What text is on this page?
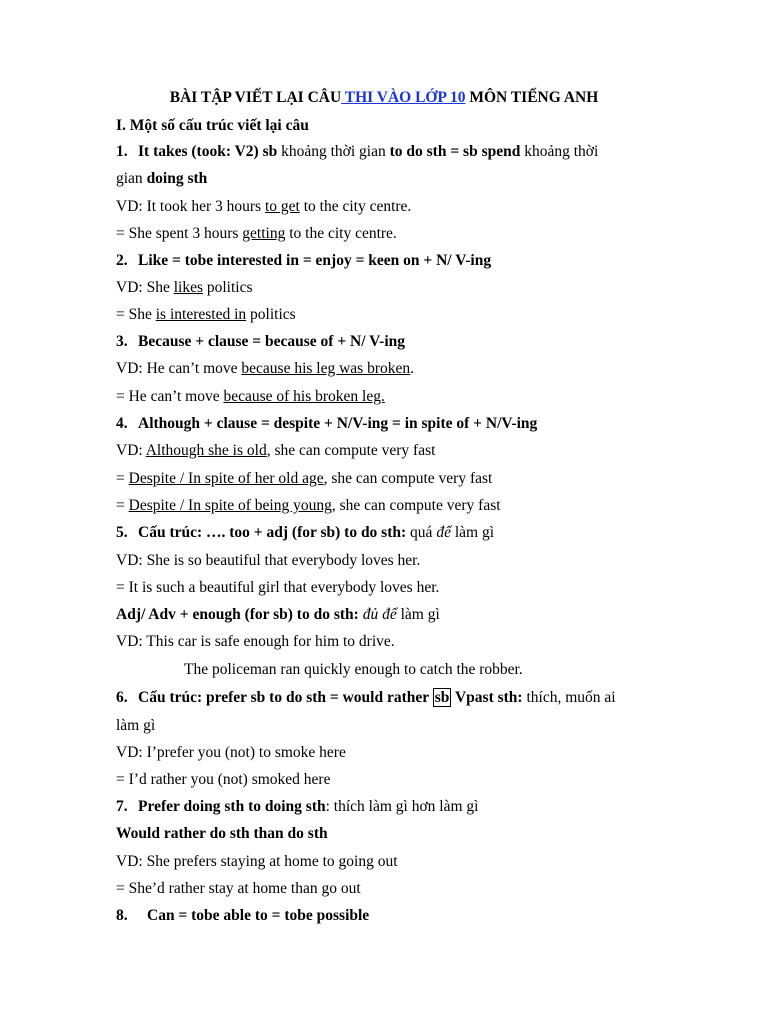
BÀI TẬP VIẾT LẠI CÂU THI VÀO LỚP 10 MÔN TIẾNG ANH
I. Một số cấu trúc viết lại câu
1. It takes (took: V2) sb khoảng thời gian to do sth = sb spend khoảng thời
gian doing sth
VD: It took her 3 hours to get to the city centre.
= She spent 3 hours getting to the city centre.
2. Like = tobe interested in = enjoy = keen on + N/ V-ing
VD: She likes politics
= She is interested in politics
3. Because + clause = because of + N/ V-ing
VD: He can’t move because his leg was broken.
= He can’t move because of his broken leg.
4. Although + clause = despite + N/V-ing = in spite of + N/V-ing
VD: Although she is old, she can compute very fast
= Despite / In spite of her old age, she can compute very fast
= Despite / In spite of being young, she can compute very fast
5. Cấu trúc: …. too + adj (for sb) to do sth: quá để làm gì
VD: She is so beautiful that everybody loves her.
= It is such a beautiful girl that everybody loves her.
Adj/ Adv + enough (for sb) to do sth: đủ để làm gì
VD: This car is safe enough for him to drive.
The policeman ran quickly enough to catch the robber.
6. Cấu trúc: prefer sb to do sth = would rather sb Vpast sth: thích, muốn ai
làm gì
VD: I’prefer you (not) to smoke here
= I’d rather you (not) smoked here
7. Prefer doing sth to doing sth: thích làm gì hơn làm gì
Would rather do sth than do sth
VD: She prefers staying at home to going out
= She’d rather stay at home than go out
8. Can = tobe able to = tobe possible
